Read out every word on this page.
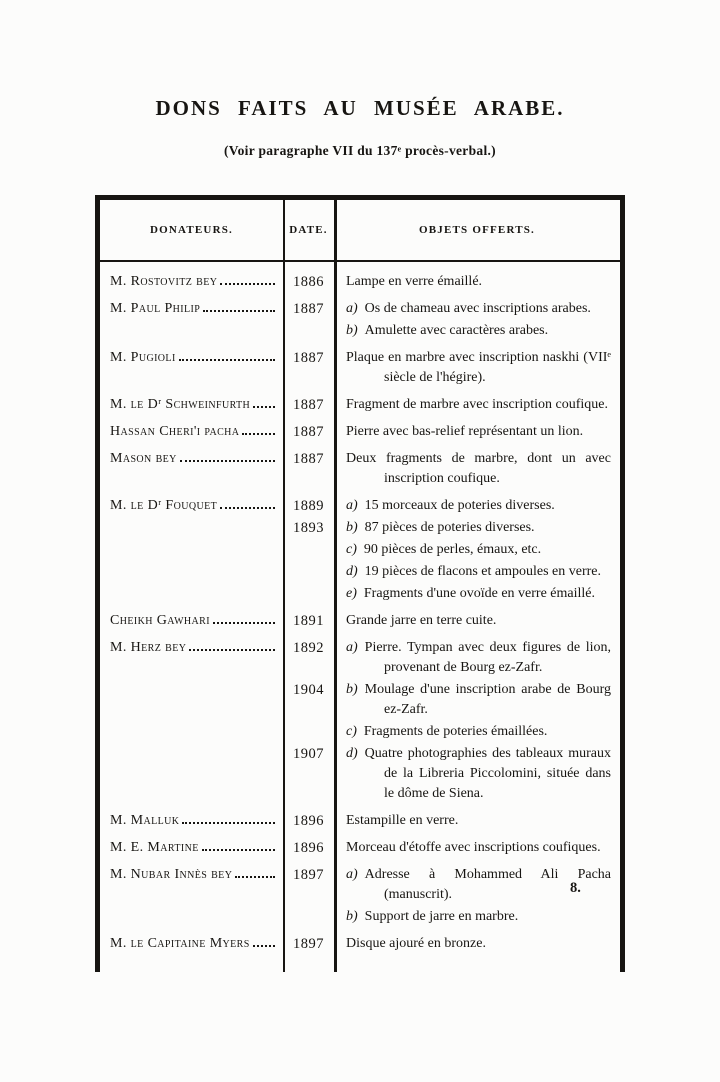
DONS FAITS AU MUSÉE ARABE.
(Voir paragraphe VII du 137ᵉ procès-verbal.)
DONATEURS.	DATE.	OBJETS OFFERTS.
M. Rostovitz bey	1886	Lampe en verre émaillé.
M. Paul Philip	1887	a) Os de chameau avec inscriptions arabes.
b) Amulette avec caractères arabes.
M. Pugioli	1887	Plaque en marbre avec inscription naskhi (VIIᵉ siècle de l'hégire).
M. le Dʳ Schweinfurth	1887	Fragment de marbre avec inscription coufique.
Hassan Cheri'i pacha	1887	Pierre avec bas-relief représentant un lion.
Mason bey	1887	Deux fragments de marbre, dont un avec inscription coufique.
M. le Dʳ Fouquet	1889	a) 15 morceaux de poteries diverses.
1893	b) 87 pièces de poteries diverses.
c) 90 pièces de perles, émaux, etc.
d) 19 pièces de flacons et ampoules en verre.
e) Fragments d'une ovoïde en verre émaillé.
Cheikh Gawhari	1891	Grande jarre en terre cuite.
M. Herz bey	1892	a) Pierre. Tympan avec deux figures de lion, provenant de Bourg ez-Zafr.
1904	b) Moulage d'une inscription arabe de Bourg ez-Zafr.
c) Fragments de poteries émaillées.
1907	d) Quatre photographies des tableaux muraux de la Libreria Piccolomini, située dans le dôme de Siena.
M. Malluk	1896	Estampille en verre.
M. E. Martine	1896	Morceau d'étoffe avec inscriptions coufiques.
M. Nubar Innès bey	1897	a) Adresse à Mohammed Ali Pacha (manuscrit).
b) Support de jarre en marbre.
M. le Capitaine Myers	1897	Disque ajouré en bronze.
8.
